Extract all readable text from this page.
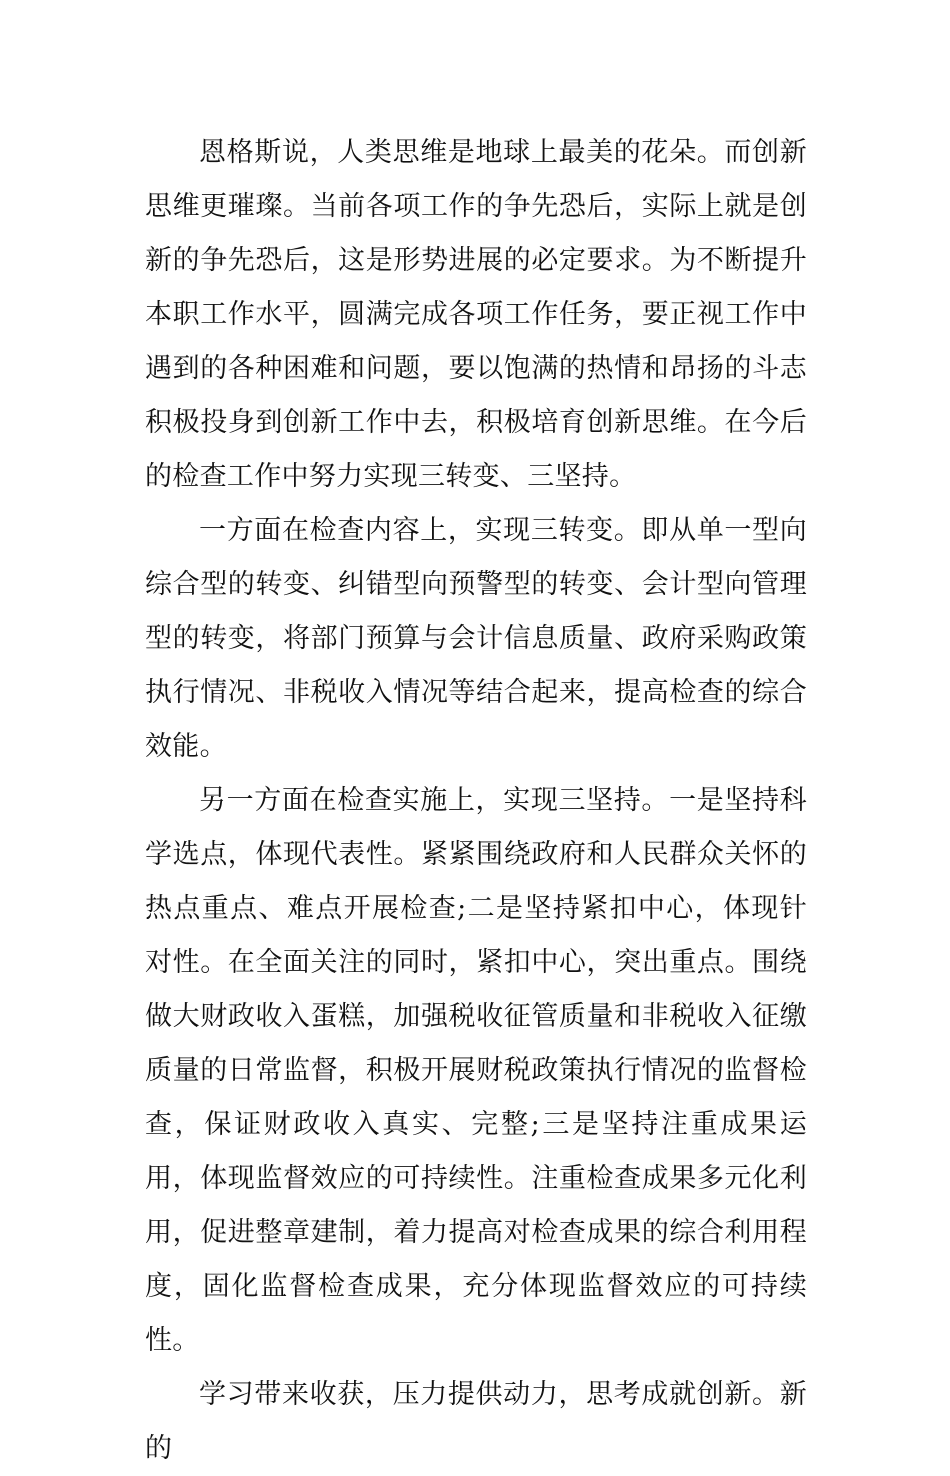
恩格斯说，人类思维是地球上最美的花朵。而创新思维更璀璨。当前各项工作的争先恐后，实际上就是创新的争先恐后，这是形势进展的必定要求。为不断提升本职工作水平，圆满完成各项工作任务，要正视工作中遇到的各种困难和问题，要以饱满的热情和昂扬的斗志积极投身到创新工作中去，积极培育创新思维。在今后的检查工作中努力实现三转变、三坚持。

一方面在检查内容上，实现三转变。即从单一型向综合型的转变、纠错型向预警型的转变、会计型向管理型的转变，将部门预算与会计信息质量、政府采购政策执行情况、非税收入情况等结合起来，提高检查的综合效能。

另一方面在检查实施上，实现三坚持。一是坚持科学选点，体现代表性。紧紧围绕政府和人民群众关怀的热点重点、难点开展检查;二是坚持紧扣中心，体现针对性。在全面关注的同时，紧扣中心，突出重点。围绕做大财政收入蛋糕，加强税收征管质量和非税收入征缴质量的日常监督，积极开展财税政策执行情况的监督检查，保证财政收入真实、完整;三是坚持注重成果运用，体现监督效应的可持续性。注重检查成果多元化利用，促进整章建制，着力提高对检查成果的综合利用程度，固化监督检查成果，充分体现监督效应的可持续性。

学习带来收获，压力提供动力，思考成就创新。新的
